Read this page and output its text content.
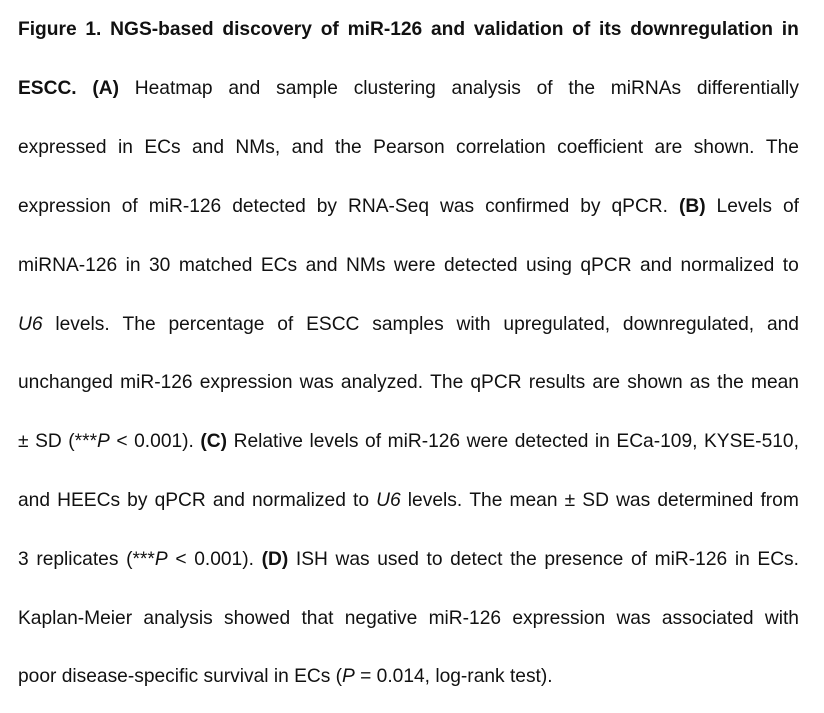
Figure 1. NGS-based discovery of miR-126 and validation of its downregulation in
ESCC. (A) Heatmap and sample clustering analysis of the miRNAs differentially
expressed in ECs and NMs, and the Pearson correlation coefficient are shown. The
expression of miR-126 detected by RNA-Seq was confirmed by qPCR. (B) Levels of
miRNA-126 in 30 matched ECs and NMs were detected using qPCR and normalized to
U6 levels. The percentage of ESCC samples with upregulated, downregulated, and
unchanged miR-126 expression was analyzed. The qPCR results are shown as the mean
± SD (***P < 0.001). (C) Relative levels of miR-126 were detected in ECa-109, KYSE-510,
and HEECs by qPCR and normalized to U6 levels. The mean ± SD was determined from
3 replicates (***P < 0.001). (D) ISH was used to detect the presence of miR-126 in ECs.
Kaplan-Meier analysis showed that negative miR-126 expression was associated with
poor disease-specific survival in ECs (P = 0.014, log-rank test).
